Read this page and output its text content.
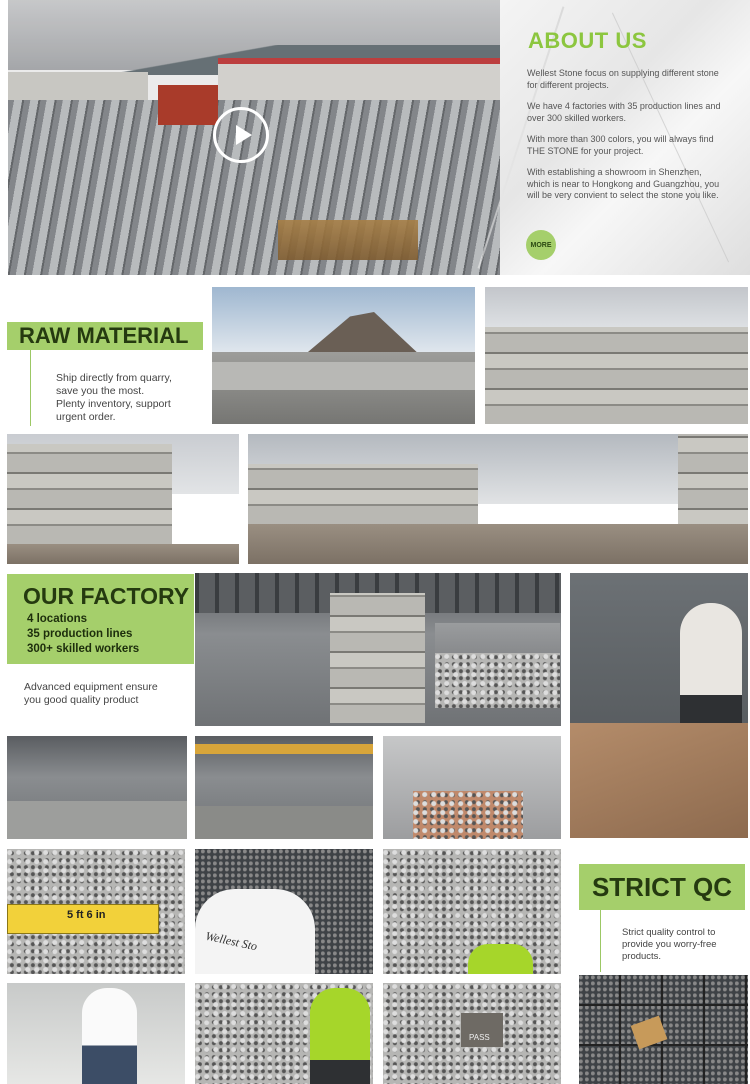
ABOUT US
Wellest Stone focus on supplying different stone for different projects.
We have 4 factories with 35 production lines and over 300 skilled workers.
With more than 300 colors, you will always find THE STONE for your project.
With establishing a showroom in Shenzhen, which is near to Hongkong and Guangzhou, you will be very convient to select the stone you like.
MORE
RAW MATERIAL
Ship directly from quarry,
save you the most.
Plenty inventory, support
urgent order.
OUR FACTORY
4 locations
35 production lines
300+ skilled workers
Advanced equipment ensure
you good quality product
5 ft 6 in
Wellest Sto
STRICT QC
Strict quality control to
provide you worry-free
products.
PASS
